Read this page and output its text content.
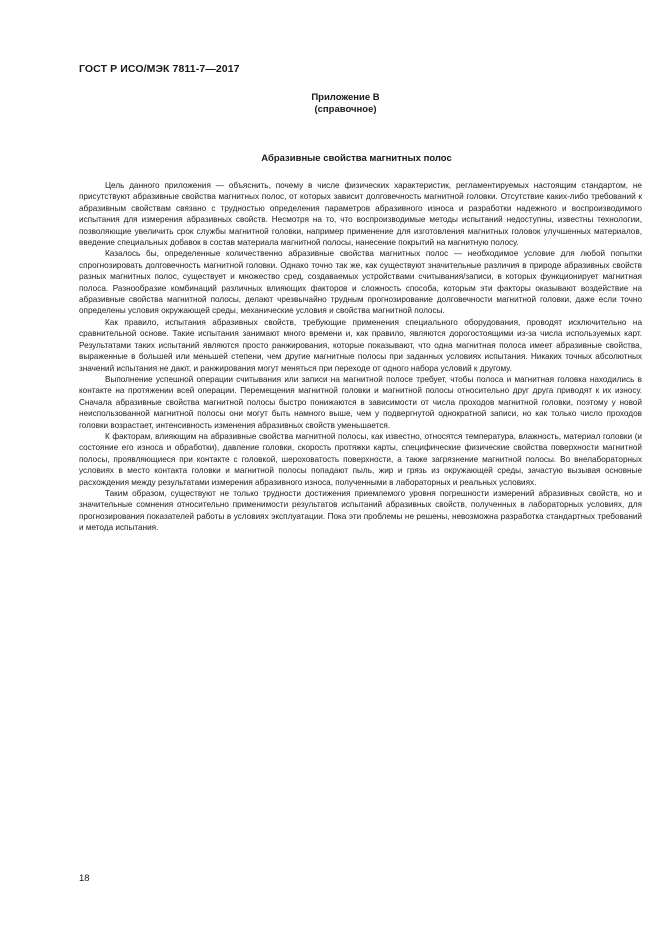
ГОСТ Р ИСО/МЭК 7811-7—2017
Приложение В
(справочное)
Абразивные свойства магнитных полос

Цель данного приложения — объяснить, почему в числе физических характеристик, регламентируемых настоящим стандартом, не присутствуют абразивные свойства магнитных полос, от которых зависит долговечность магнитной головки. Отсутствие каких-либо требований к абразивным свойствам связано с трудностью определения параметров абразивного износа и разработки надежного и воспроизводимого испытания для измерения абразивных свойств. Несмотря на то, что воспроизводимые методы испытаний недоступны, известны технологии, позволяющие увеличить срок службы магнитной головки, например применение для изготовления магнитных головок улучшенных материалов, введение специальных добавок в состав материала магнитной полосы, нанесение покрытий на магнитную полосу.

Казалось бы, определенные количественно абразивные свойства магнитных полос — необходимое условие для любой попытки спрогнозировать долговечность магнитной головки. Однако точно так же, как существуют значительные различия в природе абразивных свойств разных магнитных полос, существует и множество сред, создаваемых устройствами считывания/записи, в которых функционирует магнитная полоса. Разнообразие комбинаций различных влияющих факторов и сложность способа, которым эти факторы оказывают воздействие на абразивные свойства магнитной полосы, делают чрезвычайно трудным прогнозирование долговечности магнитной головки, даже если точно определены условия окружающей среды, механические условия и свойства магнитной полосы.

Как правило, испытания абразивных свойств, требующие применения специального оборудования, проводят исключительно на сравнительной основе. Такие испытания занимают много времени и, как правило, являются дорогостоящими из-за числа используемых карт. Результатами таких испытаний являются просто ранжирования, которые показывают, что одна магнитная полоса имеет абразивные свойства, выраженные в большей или меньшей степени, чем другие магнитные полосы при заданных условиях испытания. Никаких точных абсолютных значений испытания не дают, и ранжирования могут меняться при переходе от одного набора условий к другому.

Выполнение успешной операции считывания или записи на магнитной полосе требует, чтобы полоса и магнитная головка находились в контакте на протяжении всей операции. Перемещения магнитной головки и магнитной полосы относительно друг друга приводят к их износу. Сначала абразивные свойства магнитной полосы быстро понижаются в зависимости от числа проходов магнитной головки, поэтому у новой неиспользованной магнитной полосы они могут быть намного выше, чем у подвергнутой однократной записи, но как только число проходов головки возрастает, интенсивность изменения абразивных свойств уменьшается.

К факторам, влияющим на абразивные свойства магнитной полосы, как известно, относятся температура, влажность, материал головки (и состояние его износа и обработки), давление головки, скорость протяжки карты, специфические физические свойства поверхности магнитной полосы, проявляющиеся при контакте с головкой, шероховатость поверхности, а также загрязнение магнитной полосы. Во внелабораторных условиях в место контакта головки и магнитной полосы попадают пыль, жир и грязь из окружающей среды, зачастую вызывая основные расхождения между результатами измерения абразивного износа, полученными в лабораторных и реальных условиях.

Таким образом, существуют не только трудности достижения приемлемого уровня погрешности измерений абразивных свойств, но и значительные сомнения относительно применимости результатов испытаний абразивных свойств, полученных в лабораторных условиях, для прогнозирования показателей работы в условиях эксплуатации. Пока эти проблемы не решены, невозможна разработка стандартных требований и метода испытания.

18
